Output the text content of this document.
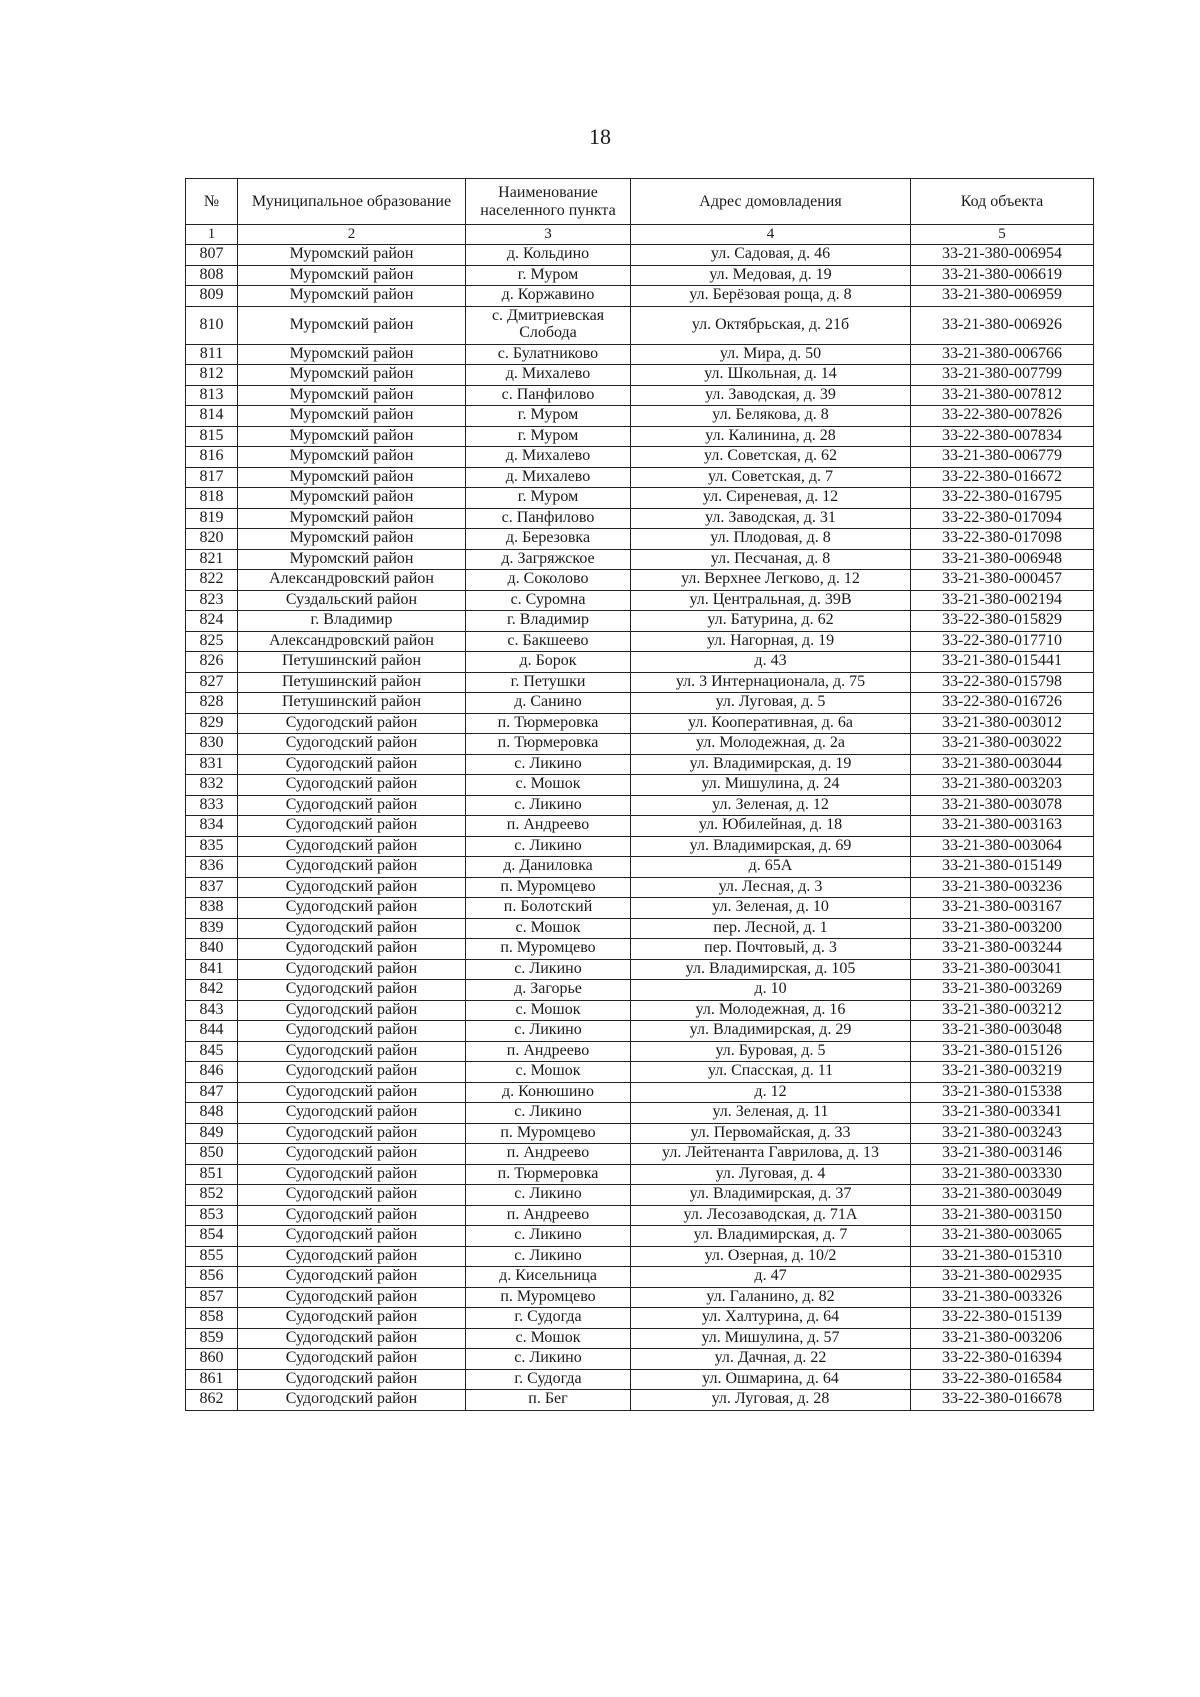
18
№	Муниципальное образование	Наименование населенного пункта	Адрес домовладения	Код объекта
1	2	3	4	5
807	Муромский район	д. Кольдино	ул. Садовая, д. 46	33-21-380-006954
808	Муромский район	г. Муром	ул. Медовая, д. 19	33-21-380-006619
809	Муромский район	д. Коржавино	ул. Берёзовая роща, д. 8	33-21-380-006959
810	Муромский район	с. Дмитриевская Слобода	ул. Октябрьская, д. 21б	33-21-380-006926
811	Муромский район	с. Булатниково	ул. Мира, д. 50	33-21-380-006766
812	Муромский район	д. Михалево	ул. Школьная, д. 14	33-21-380-007799
813	Муромский район	с. Панфилово	ул. Заводская, д. 39	33-21-380-007812
814	Муромский район	г. Муром	ул. Белякова, д. 8	33-22-380-007826
815	Муромский район	г. Муром	ул. Калинина, д. 28	33-22-380-007834
816	Муромский район	д. Михалево	ул. Советская, д. 62	33-21-380-006779
817	Муромский район	д. Михалево	ул. Советская, д. 7	33-22-380-016672
818	Муромский район	г. Муром	ул. Сиреневая, д. 12	33-22-380-016795
819	Муромский район	с. Панфилово	ул. Заводская, д. 31	33-22-380-017094
820	Муромский район	д. Березовка	ул. Плодовая, д. 8	33-22-380-017098
821	Муромский район	д. Загряжское	ул. Песчаная, д. 8	33-21-380-006948
822	Александровский район	д. Соколово	ул. Верхнее Легково, д. 12	33-21-380-000457
823	Суздальский район	с. Суромна	ул. Центральная, д. 39В	33-21-380-002194
824	г. Владимир	г. Владимир	ул. Батурина, д. 62	33-22-380-015829
825	Александровский район	с. Бакшеево	ул. Нагорная, д. 19	33-22-380-017710
826	Петушинский район	д. Борок	д. 43	33-21-380-015441
827	Петушинский район	г. Петушки	ул. 3 Интернационала, д. 75	33-22-380-015798
828	Петушинский район	д. Санино	ул. Луговая, д. 5	33-22-380-016726
829	Судогодский район	п. Тюрмеровка	ул. Кооперативная, д. 6а	33-21-380-003012
830	Судогодский район	п. Тюрмеровка	ул. Молодежная, д. 2а	33-21-380-003022
831	Судогодский район	с. Ликино	ул. Владимирская, д. 19	33-21-380-003044
832	Судогодский район	с. Мошок	ул. Мишулина, д. 24	33-21-380-003203
833	Судогодский район	с. Ликино	ул. Зеленая, д. 12	33-21-380-003078
834	Судогодский район	п. Андреево	ул. Юбилейная, д. 18	33-21-380-003163
835	Судогодский район	с. Ликино	ул. Владимирская, д. 69	33-21-380-003064
836	Судогодский район	д. Даниловка	д. 65А	33-21-380-015149
837	Судогодский район	п. Муромцево	ул. Лесная, д. 3	33-21-380-003236
838	Судогодский район	п. Болотский	ул. Зеленая, д. 10	33-21-380-003167
839	Судогодский район	с. Мошок	пер. Лесной, д. 1	33-21-380-003200
840	Судогодский район	п. Муромцево	пер. Почтовый, д. 3	33-21-380-003244
841	Судогодский район	с. Ликино	ул. Владимирская, д. 105	33-21-380-003041
842	Судогодский район	д. Загорье	д. 10	33-21-380-003269
843	Судогодский район	с. Мошок	ул. Молодежная, д. 16	33-21-380-003212
844	Судогодский район	с. Ликино	ул. Владимирская, д. 29	33-21-380-003048
845	Судогодский район	п. Андреево	ул. Буровая, д. 5	33-21-380-015126
846	Судогодский район	с. Мошок	ул. Спасская, д. 11	33-21-380-003219
847	Судогодский район	д. Конюшино	д. 12	33-21-380-015338
848	Судогодский район	с. Ликино	ул. Зеленая, д. 11	33-21-380-003341
849	Судогодский район	п. Муромцево	ул. Первомайская, д. 33	33-21-380-003243
850	Судогодский район	п. Андреево	ул. Лейтенанта Гаврилова, д. 13	33-21-380-003146
851	Судогодский район	п. Тюрмеровка	ул. Луговая, д. 4	33-21-380-003330
852	Судогодский район	с. Ликино	ул. Владимирская, д. 37	33-21-380-003049
853	Судогодский район	п. Андреево	ул. Лесозаводская, д. 71А	33-21-380-003150
854	Судогодский район	с. Ликино	ул. Владимирская, д. 7	33-21-380-003065
855	Судогодский район	с. Ликино	ул. Озерная, д. 10/2	33-21-380-015310
856	Судогодский район	д. Кисельница	д. 47	33-21-380-002935
857	Судогодский район	п. Муромцево	ул. Галанино, д. 82	33-21-380-003326
858	Судогодский район	г. Судогда	ул. Халтурина, д. 64	33-22-380-015139
859	Судогодский район	с. Мошок	ул. Мишулина, д. 57	33-21-380-003206
860	Судогодский район	с. Ликино	ул. Дачная, д. 22	33-22-380-016394
861	Судогодский район	г. Судогда	ул. Ошмарина, д. 64	33-22-380-016584
862	Судогодский район	п. Бег	ул. Луговая, д. 28	33-22-380-016678
